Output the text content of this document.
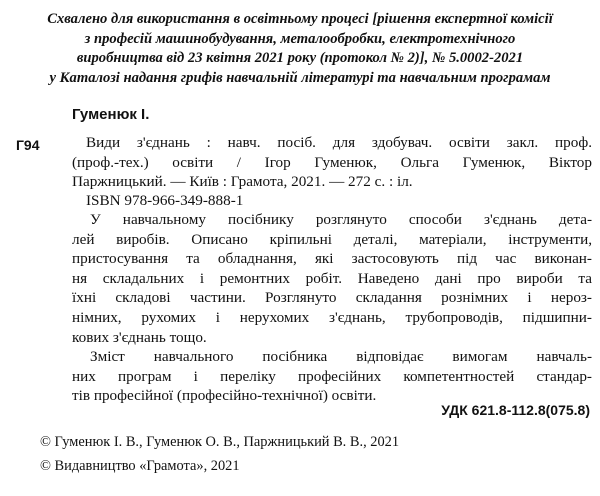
Схвалено для використання в освітньому процесі [рішення експертної комісії
з професій машинобудування, металообробки, електротехнічного
виробництва від 23 квітня 2021 року (протокол № 2)], № 5.0002-2021
у Каталозі надання грифів навчальній літературі та навчальним програмам
Гуменюк І.
Г94	Види з'єднань : навч. посіб. для здобувач. освіти закл. проф.
(проф.-тех.) освіти / Ігор Гуменюк, Ольга Гуменюк, Віктор
Паржницький. — Київ : Грамота, 2021. — 272 с. : іл.
ISBN 978-966-349-888-1
У навчальному посібнику розглянуто способи з'єднань дета-
лей виробів. Описано кріпильні деталі, матеріали, інструменти,
пристосування та обладнання, які застосовують під час виконан-
ня складальних і ремонтних робіт. Наведено дані про вироби та
їхні складові частини. Розглянуто складання рознімних і нероз-
німних, рухомих і нерухомих з'єднань, трубопроводів, підшипни-
кових з'єднань тощо.
Зміст навчального посібника відповідає вимогам навчаль-
них програм і переліку професійних компетентностей стандар-
тів професійної (професійно-технічної) освіти.
УДК 621.8-112.8(075.8)
© Гуменюк І. В., Гуменюк О. В., Паржницький В. В., 2021
© Видавництво «Грамота», 2021
